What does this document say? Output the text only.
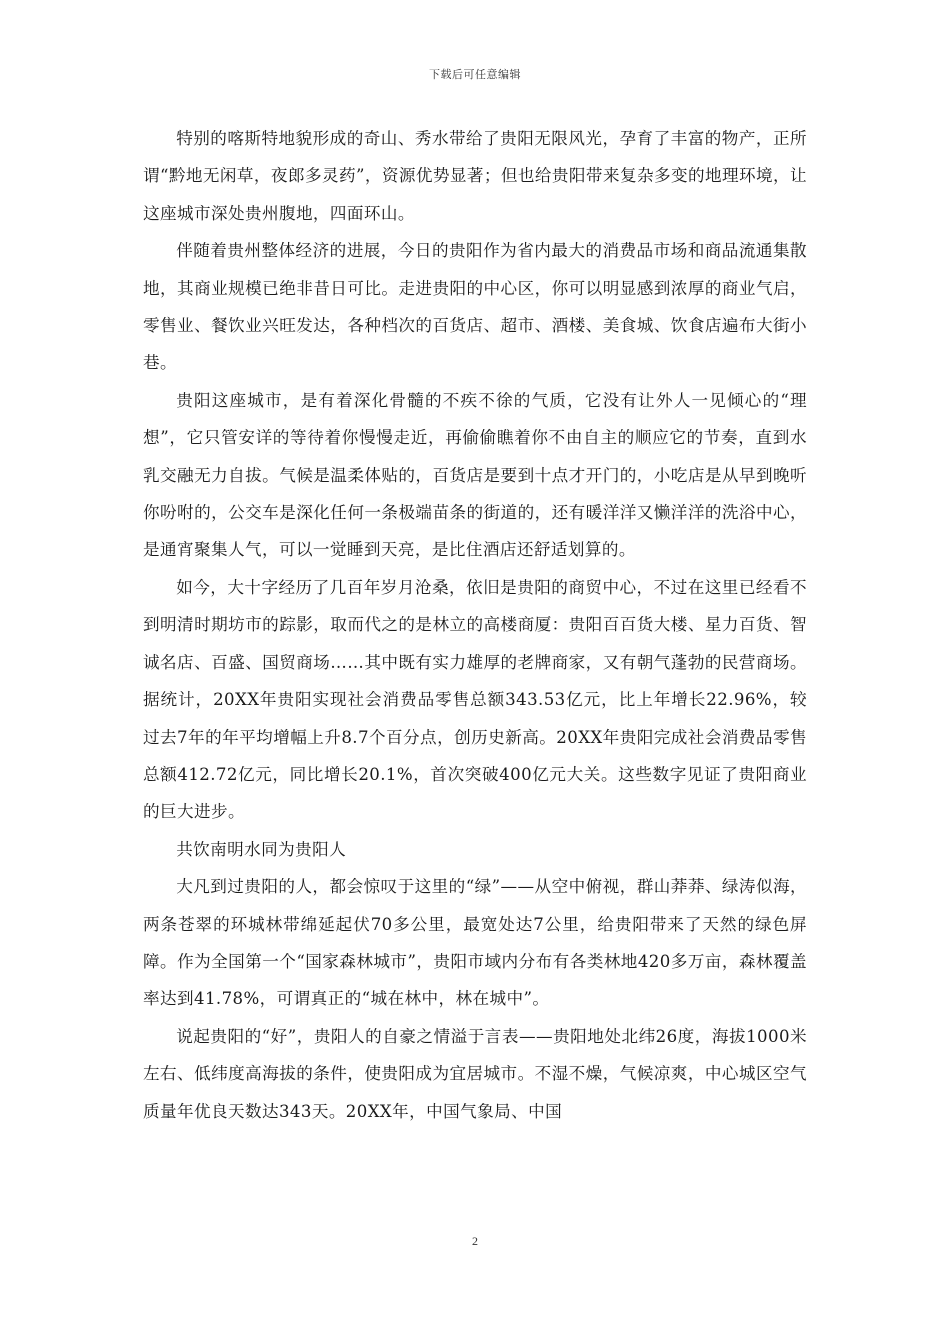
下载后可任意编辑

特别的喀斯特地貌形成的奇山、秀水带给了贵阳无限风光，孕育了丰富的物产，正所谓“黔地无闲草，夜郎多灵药”，资源优势显著；但也给贵阳带来复杂多变的地理环境，让这座城市深处贵州腹地，四面环山。

伴随着贵州整体经济的进展，今日的贵阳作为省内最大的消费品市场和商品流通集散地，其商业规模已绝非昔日可比。走进贵阳的中心区，你可以明显感到浓厚的商业气启，零售业、餐饮业兴旺发达，各种档次的百货店、超市、酒楼、美食城、饮食店遍布大街小巷。

贵阳这座城市，是有着深化骨髓的不疾不徐的气质，它没有让外人一见倾心的“理想”，它只管安详的等待着你慢慢走近，再偷偷瞧着你不由自主的顺应它的节奏，直到水乳交融无力自拔。气候是温柔体贴的，百货店是要到十点才开门的，小吃店是从早到晚听你吩咐的，公交车是深化任何一条极端苗条的街道的，还有暖洋洋又懒洋洋的洗浴中心，是通宵聚集人气，可以一觉睡到天亮，是比住酒店还舒适划算的。

如今，大十字经历了几百年岁月沧桑，依旧是贵阳的商贸中心，不过在这里已经看不到明清时期坊市的踪影，取而代之的是林立的高楼商厦：贵阳百百货大楼、星力百货、智诚名店、百盛、国贸商场……其中既有实力雄厚的老牌商家，又有朝气蓬勃的民营商场。据统计，20XX年贵阳实现社会消费品零售总额343.53亿元，比上年增长22.96%，较过去7年的年平均增幅上升8.7个百分点，创历史新高。20XX年贵阳完成社会消费品零售总额412.72亿元，同比增长20.1%，首次突破400亿元大关。这些数字见证了贵阳商业的巨大进步。

共饮南明水同为贵阳人

大凡到过贵阳的人，都会惊叹于这里的“绿”——从空中俯视，群山莽莽、绿涛似海，两条苍翠的环城林带绵延起伏70多公里，最宽处达7公里，给贵阳带来了天然的绿色屏障。作为全国第一个“国家森林城市”，贵阳市域内分布有各类林地420多万亩，森林覆盖率达到41.78%，可谓真正的“城在林中，林在城中”。

说起贵阳的“好”，贵阳人的自豪之情溢于言表——贵阳地处北纬26度，海拔1000米左右、低纬度高海拔的条件，使贵阳成为宜居城市。不湿不燥，气候凉爽，中心城区空气质量年优良天数达343天。20XX年，中国气象局、中国

2
